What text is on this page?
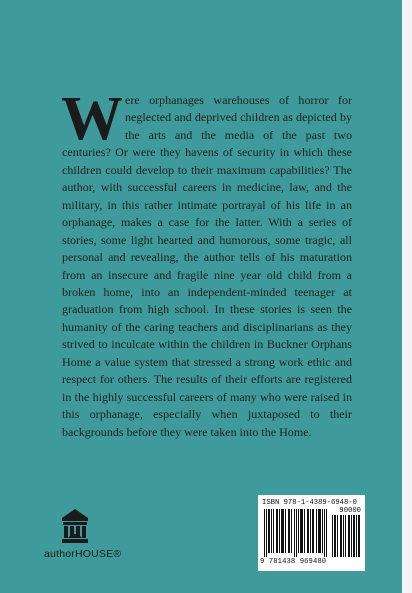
Were orphanages warehouses of horror for neglected and deprived children as depicted by the arts and the media of the past two centuries? Or were they havens of security in which these children could develop to their maximum capabilities? The author, with successful careers in medicine, law, and the military, in this rather intimate portrayal of his life in an orphanage, makes a case for the latter. With a series of stories, some light hearted and humorous, some tragic, all personal and revealing, the author tells of his maturation from an insecure and fragile nine year old child from a broken home, into an independent-minded teenager at graduation from high school. In these stories is seen the humanity of the caring teachers and disciplinarians as they strived to inculcate within the children in Buckner Orphans Home a value system that stressed a strong work ethic and respect for others. The results of their efforts are registered in the highly successful careers of many who were raised in this orphanage, especially when juxtaposed to their backgrounds before they were taken into the Home.

authorHOUSE®
ISBN 978-1-4389-6948-0
90000
9 781438 969480
